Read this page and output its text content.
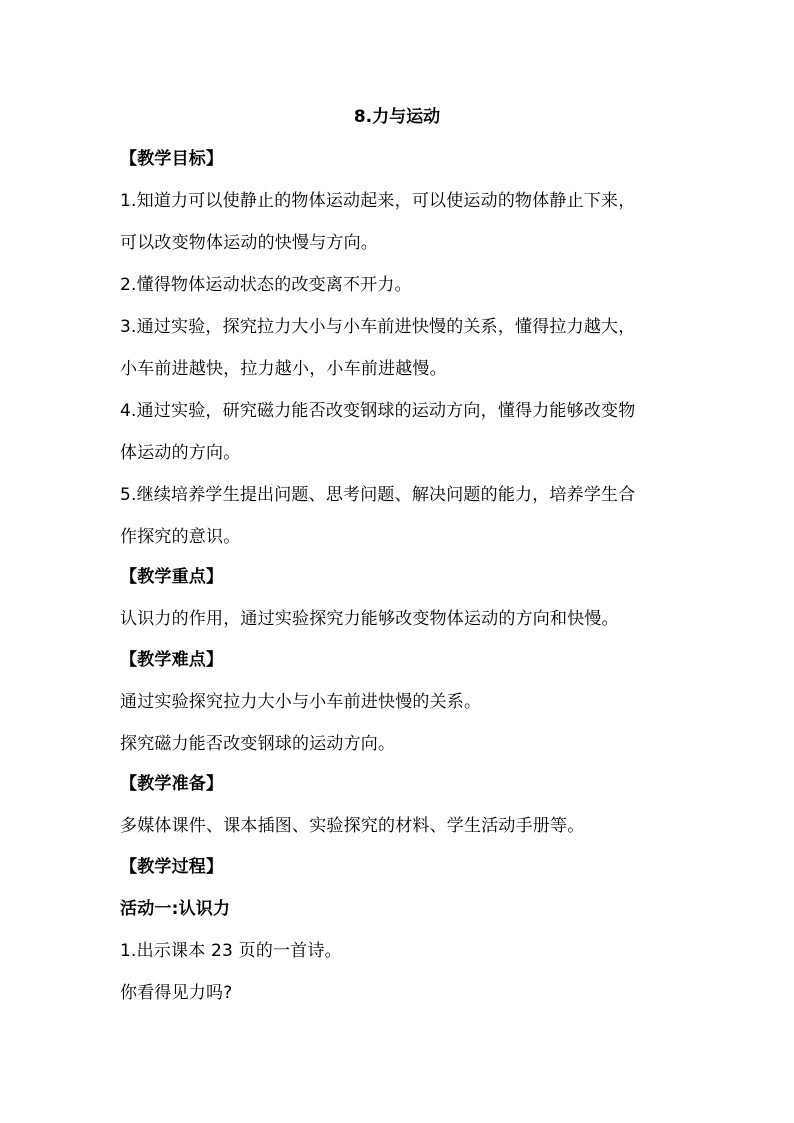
8.力与运动
【教学目标】
1.知道力可以使静止的物体运动起来，可以使运动的物体静止下来，
可以改变物体运动的快慢与方向。
2.懂得物体运动状态的改变离不开力。
3.通过实验，探究拉力大小与小车前进快慢的关系，懂得拉力越大，
小车前进越快，拉力越小，小车前进越慢。
4.通过实验，研究磁力能否改变钢球的运动方向，懂得力能够改变物
体运动的方向。
5.继续培养学生提出问题、思考问题、解决问题的能力，培养学生合
作探究的意识。
【教学重点】
认识力的作用，通过实验探究力能够改变物体运动的方向和快慢。
【教学难点】
通过实验探究拉力大小与小车前进快慢的关系。
探究磁力能否改变钢球的运动方向。
【教学准备】
多媒体课件、课本插图、实验探究的材料、学生活动手册等。
【教学过程】
活动一:认识力
1.出示课本 23 页的一首诗。
你看得见力吗?
